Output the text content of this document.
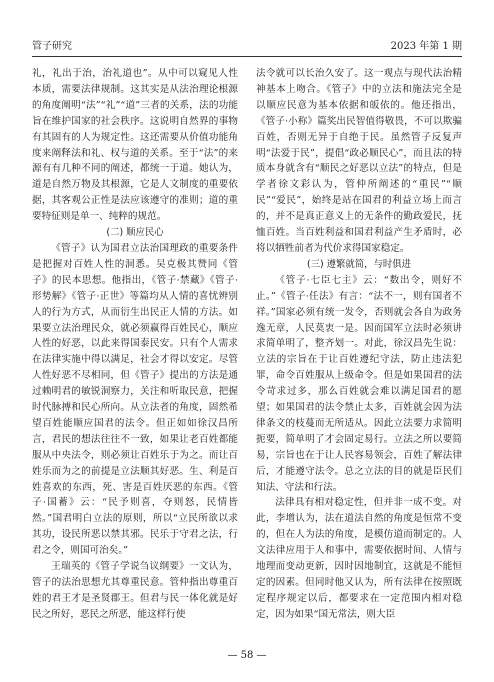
管子研究	2023 年第 1 期

礼，礼出于治，治礼道也”。从中可以窥见人性本质，需要法律规制。这其实是从法治理论根源的角度阐明“法”“礼”“道”三者的关系，法的功能旨在维护国家的社会秩序。这说明自然界的事物有其固有的人为规定性。这还需要从价值功能角度来阐释法和礼、权与道的关系。至于“法”的来源有有几种不同的阐述，都统一于道。她认为，道是自然万物及其根源，它是人文制度的重要依据，其客观公正性是法应该遵守的准则；道的重要特征则是单一、纯粹的规范。

(二) 顺应民心

《管子》认为国君立法治国理政的重要条件是把握对百姓人性的洞悉。吴克极其赞同《管子》的民本思想。他指出，《管子·禁藏》《管子·形势解》《管子·正世》等篇均从人情的喜忧辨别人的行为方式，从而衍生出民正人情的方法。如果要立法治理民众，就必须赢得百姓民心，顺应人性的好恶，以此来得国泰民安。只有个人需求在法律实施中得以满足，社会才得以安定。尽管人性好恶不尽相同，但《管子》提出的方法是通过赖明君的敏锐洞察力，关注和听取民意，把握时代脉搏和民心所向。从立法者的角度，固然希望百姓能顺应国君的法令。但正如如徐汉昌所言，君民的想法往往不一致，如果让老百姓都能服从中央法令，则必须让百姓乐于为之。而让百姓乐而为之的前提是立法顺其好恶。生、利是百姓喜欢的东西，死、害是百姓厌恶的东西。《管子·国蓄》云：“民予则喜，夺则怒，民情皆然。”国君明白立法的原则，所以“立民所欲以求其功，设民所恶以禁其邪。民乐于守君之法，行君之令，则国可治矣。”

王瑞英的《管子学说刍议纲要》一文认为，管子的法治思想尤其尊重民意。管仲指出尊重百姓的君王才是圣贤郡王。但君与民一体化就是好民之所好，恶民之所恶，能这样行使

法令就可以长治久安了。这一观点与现代法治精神基本上吻合。《管子》中的立法和施法完全是以顺应民意为基本依据和皈依的。他还指出，《管子·小称》篇奖出民智值得敬畏，不可以欺骗百姓，否则无异于自绝于民。虽然管子反复声明“法爱于民”，提倡“政必顺民心”，而且法的特质本身就含有“顺民之好恶以立法”的特点，但是学者徐文彩认为，管仲所阐述的“重民”“顺民”“爱民”，始终是站在国君的利益立场上而言的，并不是真正意义上的无条件的勤政爱民，抚恤百姓。当百姓利益和国君利益产生矛盾时，必将以牺牲前者为代价求得国家稳定。

(三) 遵繁就简，与时俱进

《管子·七臣七主》云：“数出令，则好不止。”《管子·任法》有言：“法不一，则有国者不祥。”国家必须有统一发令，否则就会各自为政务逸无章，人民莫衷一是。因而国军立法时必须讲求简单明了，整齐划一。对此，徐汉昌先生说：立法的宗旨在于让百姓遵纪守法，防止违法犯罪，命令百姓服从上级命令。但是如果国君的法令苛求过多，那么百姓就会难以满足国君的愿望；如果国君的法令禁止太多，百姓就会因为法律条文的枝蔓而无所适从。因此立法要力求简明扼要，简单明了才会固定易行。立法之所以要简易，宗旨也在于让人民容易领会，百姓了解法律后，才能遵守法令。总之立法的目的就是臣民们知法、守法和行法。

法律具有相对稳定性，但并非一成不变。对此，李增认为，法在道法自然的角度是恒常不变的，但在人为法的角度，是模仿道而制定的。人文法律应用于人和事中，需要依据时间、人情与地理而变动更新，因时因地制宜，这就是不能恒定的因素。但同时他又认为，所有法律在按照既定程序规定以后，都要求在一定范围内相对稳定，因为如果“国无常法，则大臣

— 58 —
